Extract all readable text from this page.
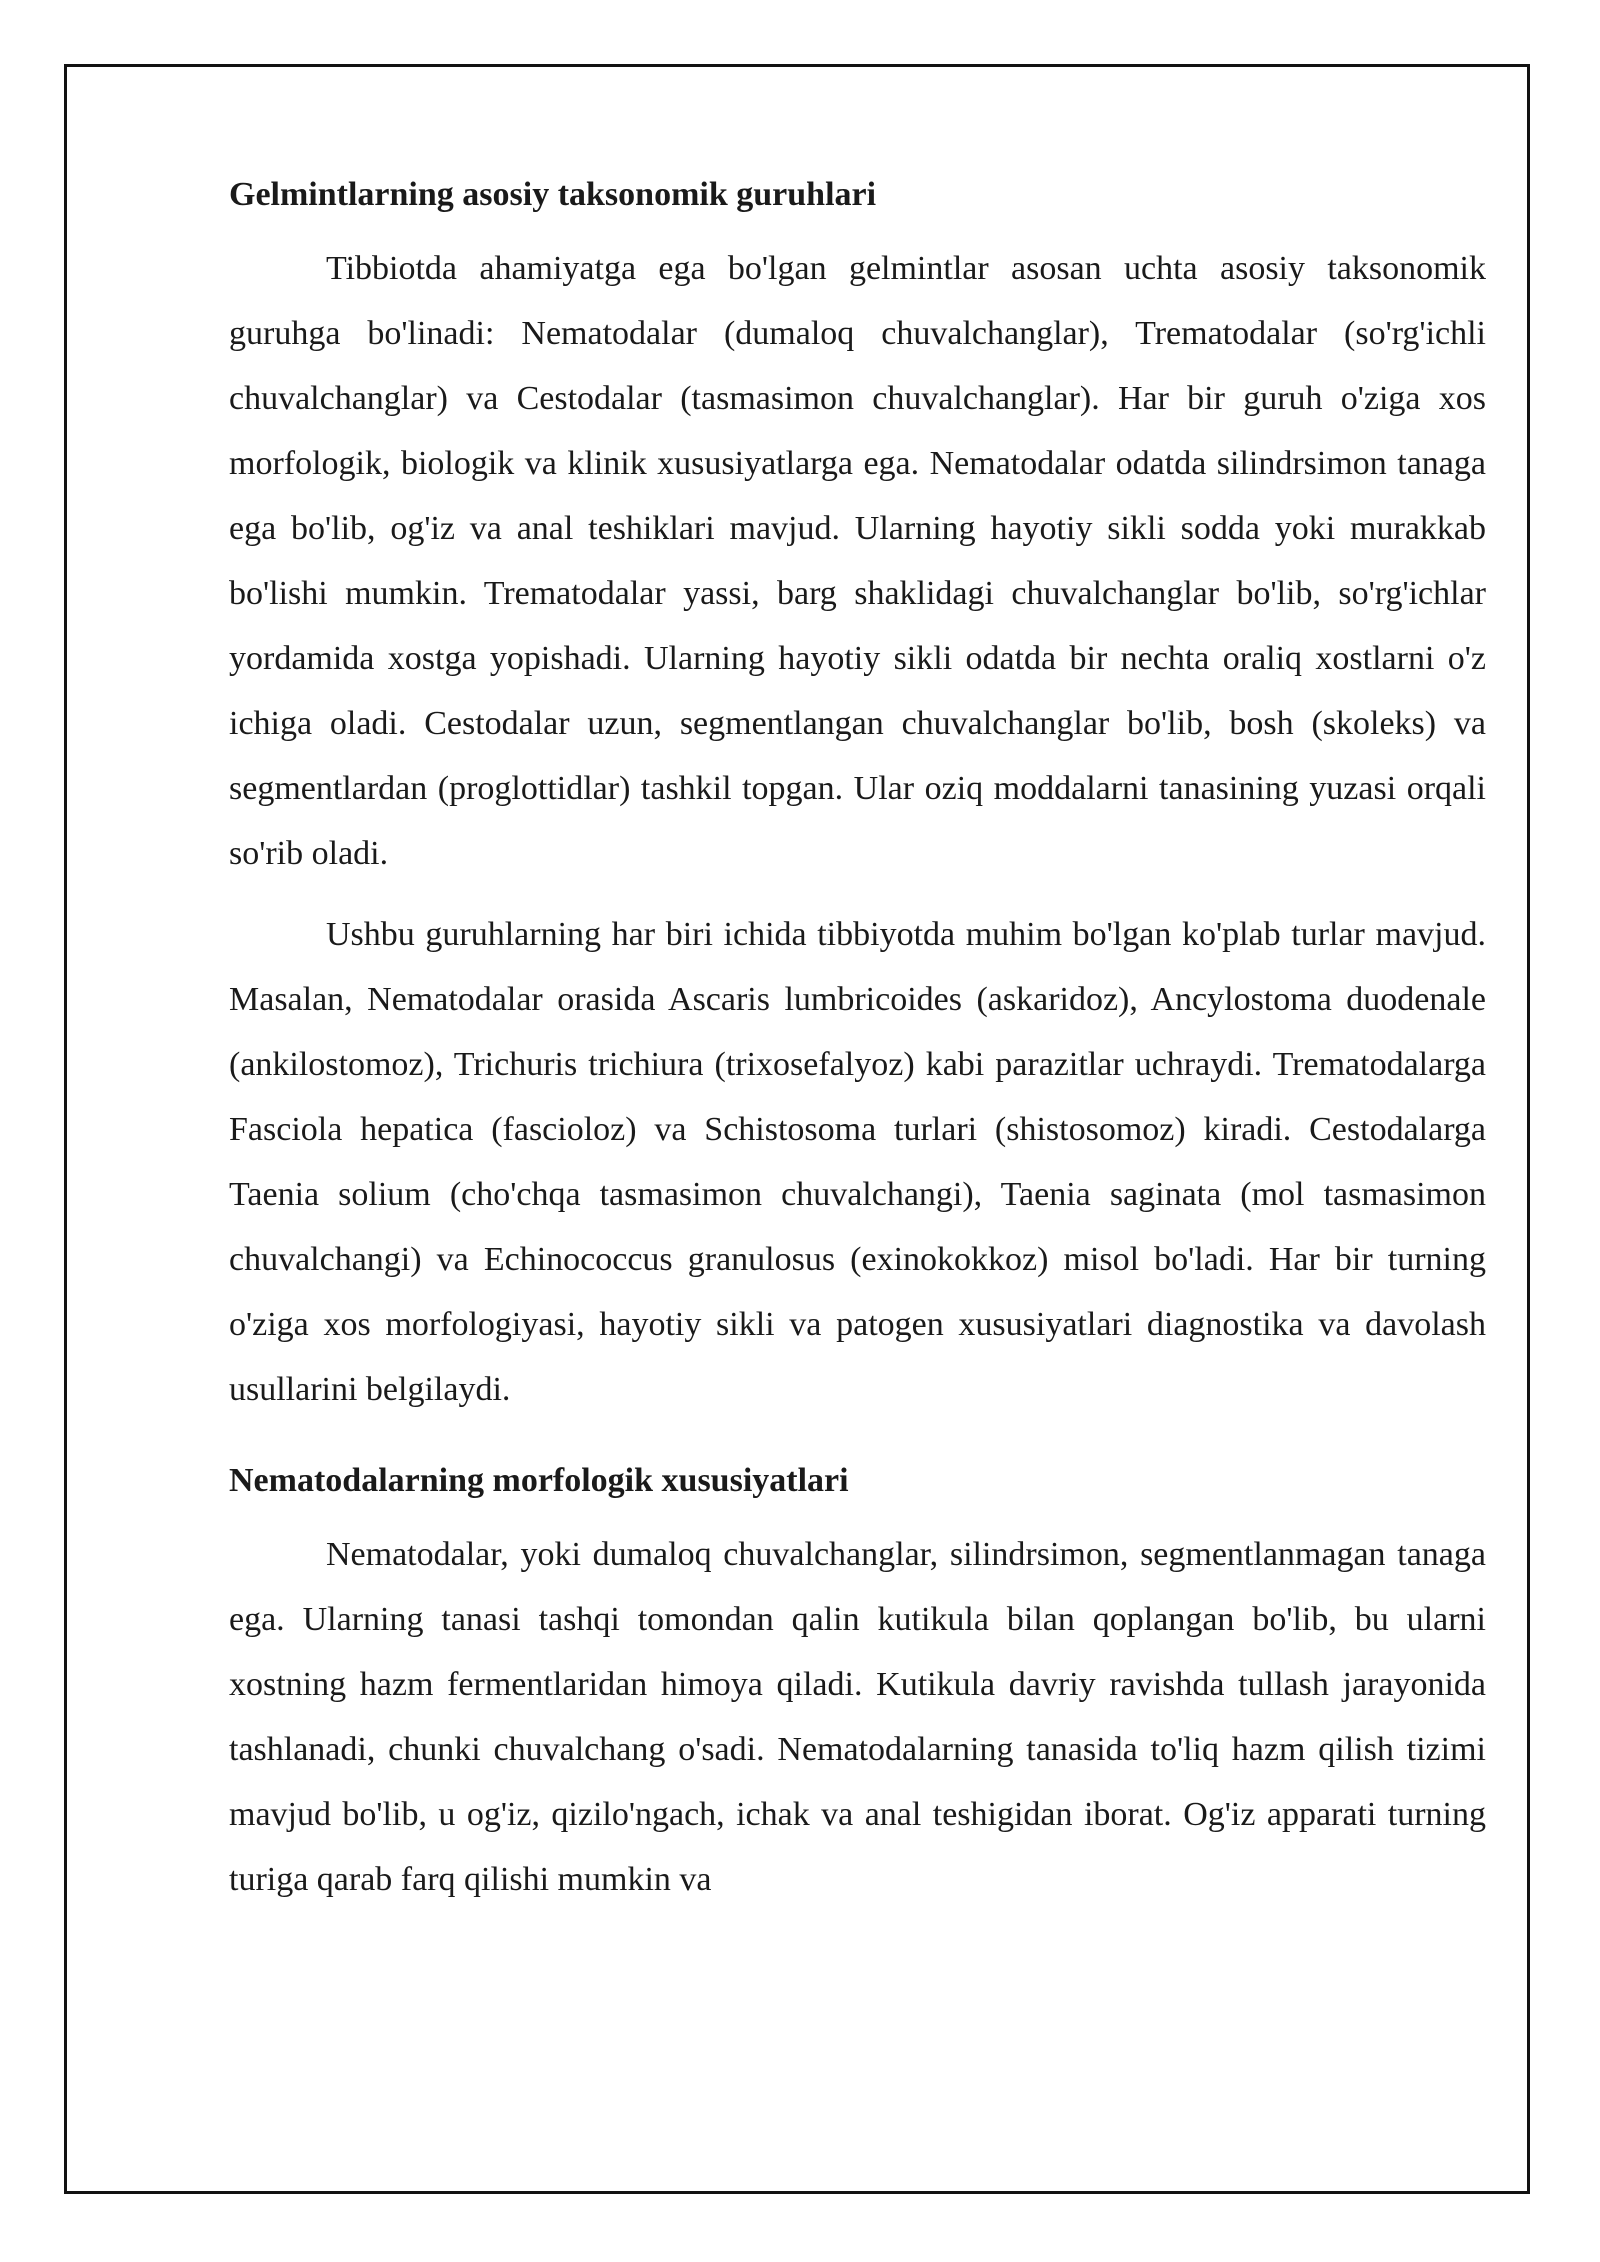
Gelmintlarning asosiy taksonomik guruhlari

Tibbiotda ahamiyatga ega bo'lgan gelmintlar asosan uchta asosiy taksonomik guruhga bo'linadi: Nematodalar (dumaloq chuvalchanglar), Trematodalar (so'rg'ichli chuvalchanglar) va Cestodalar (tasmasimon chuvalchanglar). Har bir guruh o'ziga xos morfologik, biologik va klinik xususiyatlarga ega. Nematodalar odatda silindrsimon tanaga ega bo'lib, og'iz va anal teshiklari mavjud. Ularning hayotiy sikli sodda yoki murakkab bo'lishi mumkin. Trematodalar yassi, barg shaklidagi chuvalchanglar bo'lib, so'rg'ichlar yordamida xostga yopishadi. Ularning hayotiy sikli odatda bir nechta oraliq xostlarni o'z ichiga oladi. Cestodalar uzun, segmentlangan chuvalchanglar bo'lib, bosh (skoleks) va segmentlardan (proglottidlar) tashkil topgan. Ular oziq moddalarni tanasining yuzasi orqali so'rib oladi.

Ushbu guruhlarning har biri ichida tibbiyotda muhim bo'lgan ko'plab turlar mavjud. Masalan, Nematodalar orasida Ascaris lumbricoides (askaridoz), Ancylostoma duodenale (ankilostomoz), Trichuris trichiura (trixosefalyoz) kabi parazitlar uchraydi. Trematodalarga Fasciola hepatica (fascioloz) va Schistosoma turlari (shistosomoz) kiradi. Cestodalarga Taenia solium (cho'chqa tasmasimon chuvalchangi), Taenia saginata (mol tasmasimon chuvalchangi) va Echinococcus granulosus (exinokokkoz) misol bo'ladi. Har bir turning o'ziga xos morfologiyasi, hayotiy sikli va patogen xususiyatlari diagnostika va davolash usullarini belgilaydi.

Nematodalarning morfologik xususiyatlari

Nematodalar, yoki dumaloq chuvalchanglar, silindrsimon, segmentlanmagan tanaga ega. Ularning tanasi tashqi tomondan qalin kutikula bilan qoplangan bo'lib, bu ularni xostning hazm fermentlaridan himoya qiladi. Kutikula davriy ravishda tullash jarayonida tashlanadi, chunki chuvalchang o'sadi. Nematodalarning tanasida to'liq hazm qilish tizimi mavjud bo'lib, u og'iz, qizilo'ngach, ichak va anal teshigidan iborat. Og'iz apparati turning turiga qarab farq qilishi mumkin va
